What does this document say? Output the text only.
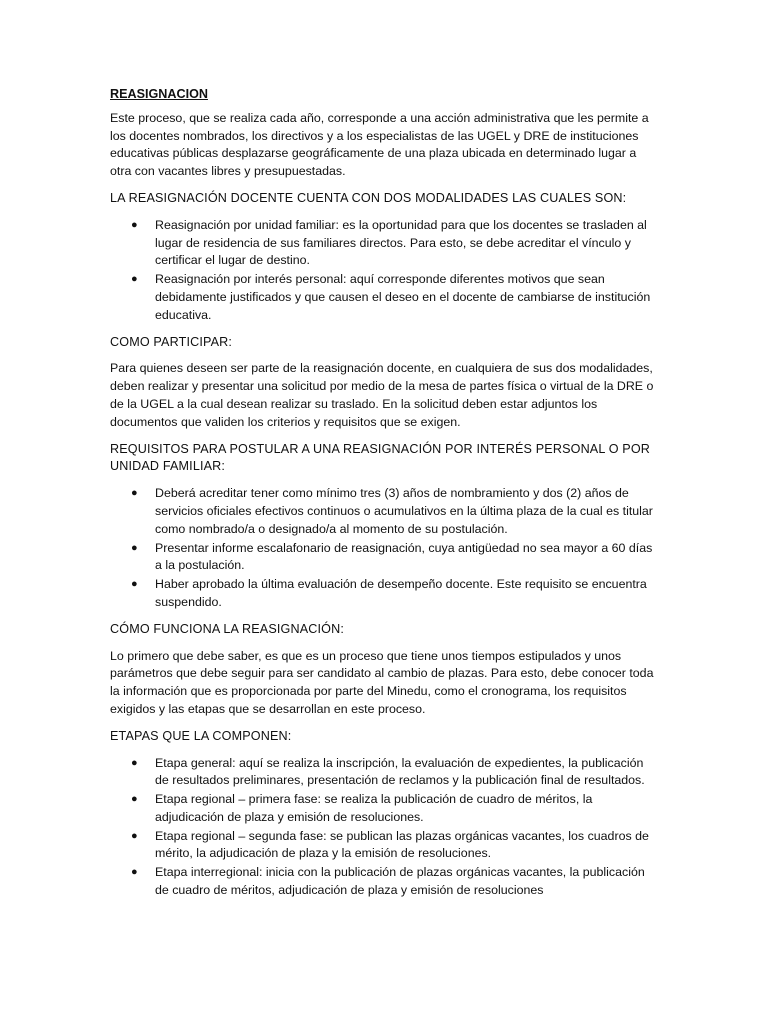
REASIGNACION

Este proceso, que se realiza cada año, corresponde a una acción administrativa que les permite a los docentes nombrados, los directivos y a los especialistas de las UGEL y DRE de instituciones educativas públicas desplazarse geográficamente de una plaza ubicada en determinado lugar a otra con vacantes libres y presupuestadas.

LA REASIGNACIÓN DOCENTE CUENTA CON DOS MODALIDADES LAS CUALES SON:
● Reasignación por unidad familiar: es la oportunidad para que los docentes se trasladen al lugar de residencia de sus familiares directos. Para esto, se debe acreditar el vínculo y certificar el lugar de destino.
● Reasignación por interés personal: aquí corresponde diferentes motivos que sean debidamente justificados y que causen el deseo en el docente de cambiarse de institución educativa.
COMO PARTICIPAR:

Para quienes deseen ser parte de la reasignación docente, en cualquiera de sus dos modalidades, deben realizar y presentar una solicitud por medio de la mesa de partes física o virtual de la DRE o de la UGEL a la cual desean realizar su traslado. En la solicitud deben estar adjuntos los documentos que validen los criterios y requisitos que se exigen.

REQUISITOS PARA POSTULAR A UNA REASIGNACIÓN POR INTERÉS PERSONAL O POR UNIDAD FAMILIAR:
● Deberá acreditar tener como mínimo tres (3) años de nombramiento y dos (2) años de servicios oficiales efectivos continuos o acumulativos en la última plaza de la cual es titular como nombrado/a o designado/a al momento de su postulación.
● Presentar informe escalafonario de reasignación, cuya antigüedad no sea mayor a 60 días a la postulación.
● Haber aprobado la última evaluación de desempeño docente. Este requisito se encuentra suspendido.
CÓMO FUNCIONA LA REASIGNACIÓN:

Lo primero que debe saber, es que es un proceso que tiene unos tiempos estipulados y unos parámetros que debe seguir para ser candidato al cambio de plazas. Para esto, debe conocer toda la información que es proporcionada por parte del Minedu, como el cronograma, los requisitos exigidos y las etapas que se desarrollan en este proceso.

ETAPAS QUE LA COMPONEN:
● Etapa general: aquí se realiza la inscripción, la evaluación de expedientes, la publicación de resultados preliminares, presentación de reclamos y la publicación final de resultados.
● Etapa regional – primera fase: se realiza la publicación de cuadro de méritos, la adjudicación de plaza y emisión de resoluciones.
● Etapa regional – segunda fase: se publican las plazas orgánicas vacantes, los cuadros de mérito, la adjudicación de plaza y la emisión de resoluciones.
● Etapa interregional: inicia con la publicación de plazas orgánicas vacantes, la publicación de cuadro de méritos, adjudicación de plaza y emisión de resoluciones
